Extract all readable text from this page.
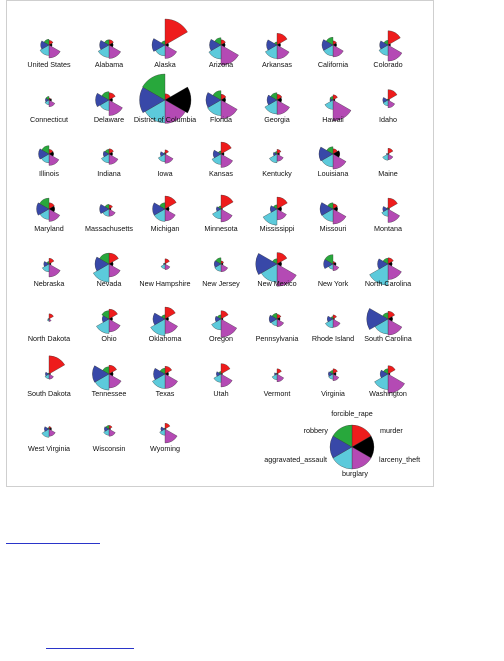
United States	Alabama	Alaska	Arizona	Arkansas	California	Colorado
Connecticut	Delaware District of Columbia Florida	Georgia	Hawaii	Idaho
Illinois	Indiana	Iowa	Kansas	Kentucky	Louisiana	Maine
Maryland	Massachusetts Michigan	Minnesota	Mississippi	Missouri	Montana
Nebraska	Nevada	New Hampshire New Jersey New Mexico	New York North Carolina
North Dakota	Ohio	Oklahoma	Oregon	Pennsylvania Rhode Island South Carolina
South Dakota	Tennessee	Texas	Utah	Vermont	Virginia	Washington
West Virginia	Wisconsin	Wyoming
forcible_rape
murder
larceny_theft
burglary
aggravated_assault
robbery
